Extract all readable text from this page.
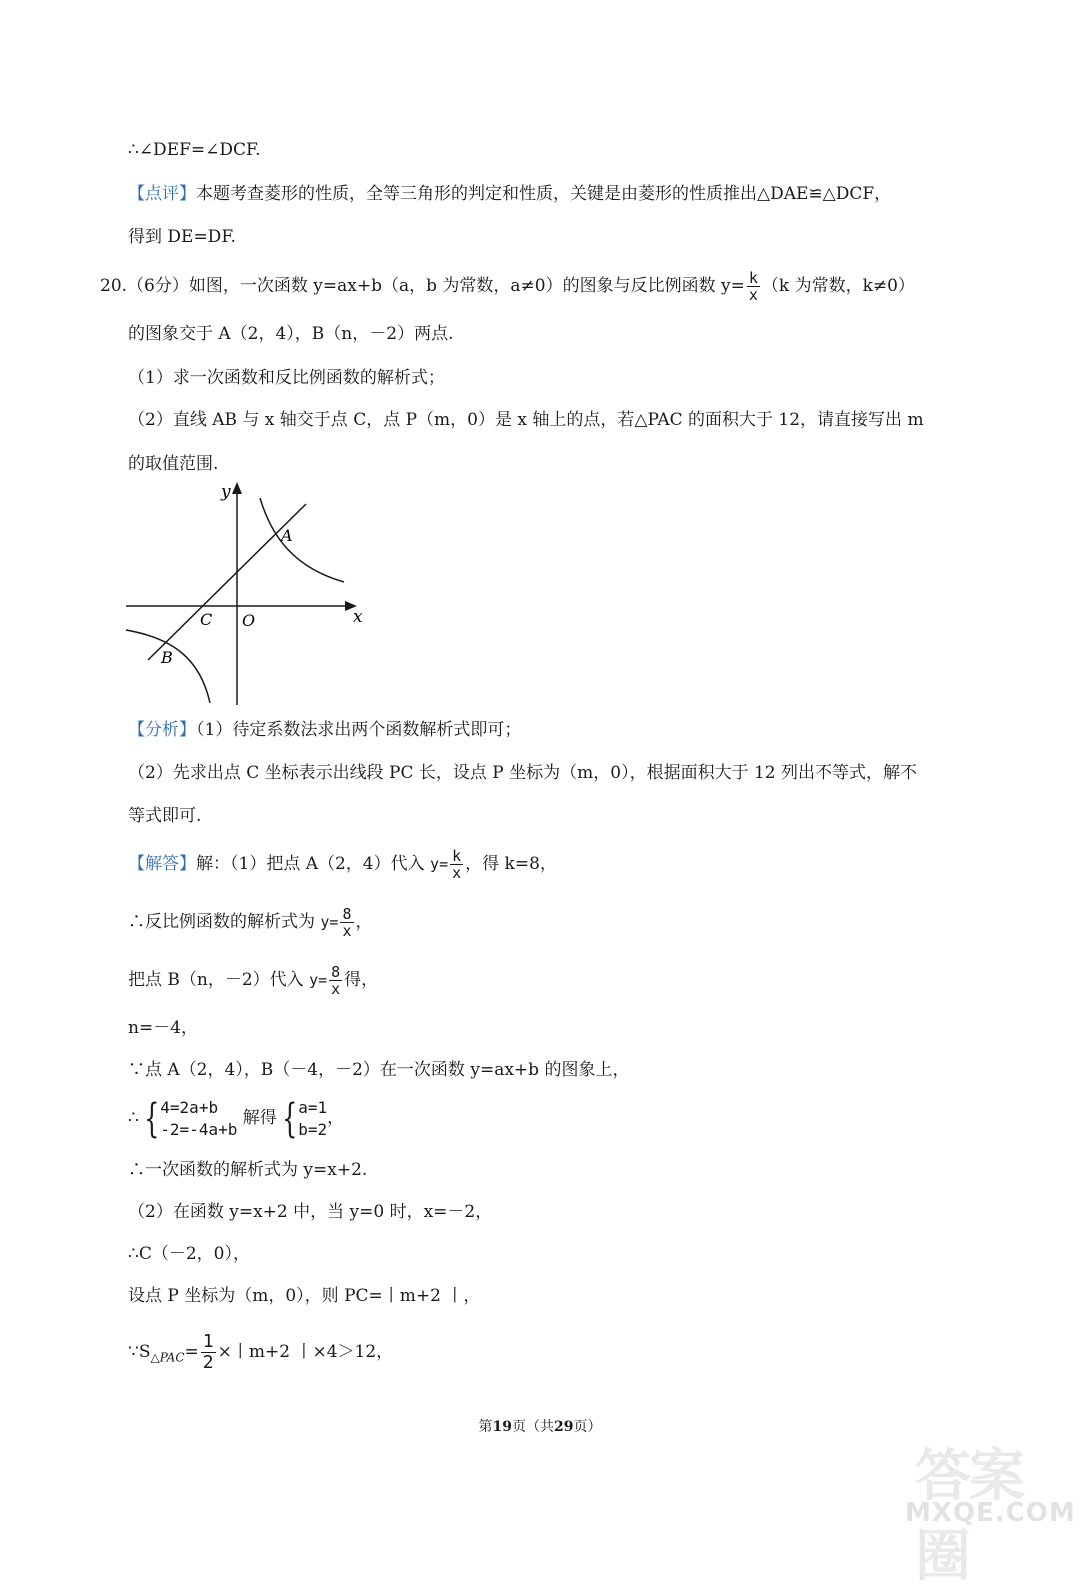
∴∠DEF=∠DCF.
【点评】本题考查菱形的性质，全等三角形的判定和性质，关键是由菱形的性质推出△DAE≌△DCF，
得到 DE=DF.
20.（6分）如图，一次函数 y=ax+b（a，b 为常数，a≠0）的图象与反比例函数 $y= \frac{k}{x} (k$ 为常数，k≠0）
的图象交于 A（2，4），B（n，－2）两点.
（1）求一次函数和反比例函数的解析式；
（2）直线 AB 与 x 轴交于点 C，点 P（m，0）是 x 轴上的点，若△PAC 的面积大于 12，请直接写出 m
的取值范围.
y
x
A
B
C O
【分析】（1）待定系数法求出两个函数解析式即可；
（2）先求出点 C 坐标表示出线段 PC 长，设点 P 坐标为（m，0），根据面积大于 12 列出不等式，解不
等式即可.
【解答】解：（1）把点 A（2，4）代入 $y= \frac{k}{x}$ ，得 k=8，
∴反比例函数的解析式为 $y= \frac{8}{x}$ ，
把点 B（n，－2）代入 $y= \frac{8}{x}$ 得，
n=－4，
∵点 A（2，4），B（－4，－2）在一次函数 y=ax+b 的图象上，
∴ { 4=2a+b
-2=-4a+b
解得 { a=1
b=2
，
∴一次函数的解析式为 y=x+2.
（2）在函数 y=x+2 中，当 y=0 时，x=－2，
∴C（－2，0），
设点 P 坐标为（m，0），则 PC=丨m+2 丨，
$\because S_{\triangle PAC}= \frac{1}{2}$ ×丨m+2 丨×4＞12，
第19页（共29页）
答案圈
MXQE.COM
